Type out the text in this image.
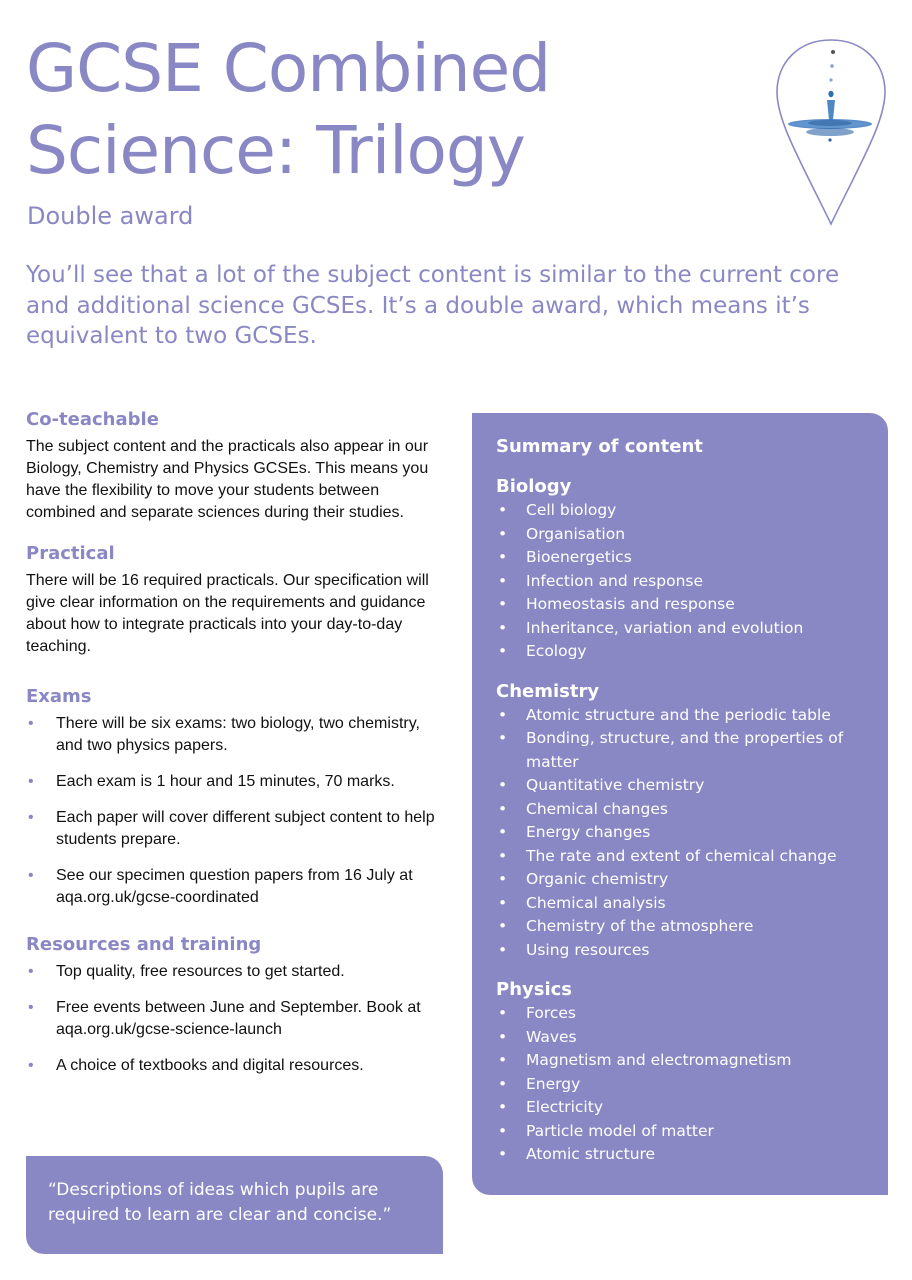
GCSE Combined
Science: Trilogy
Double award
You’ll see that a lot of the subject content is similar to the current core and additional science GCSEs. It’s a double award, which means it’s equivalent to two GCSEs.
Co-teachable

The subject content and the practicals also appear in our Biology, Chemistry and Physics GCSEs. This means you have the flexibility to move your students between combined and separate sciences during their studies.

Practical

There will be 16 required practicals. Our specification will give clear information on the requirements and guidance about how to integrate practicals into your day-to-day teaching.

Exams
• There will be six exams: two biology, two chemistry, and two physics papers.
• Each exam is 1 hour and 15 minutes, 70 marks.
• Each paper will cover different subject content to help students prepare.
• See our specimen question papers from 16 July at aqa.org.uk/gcse-coordinated
Resources and training
• Top quality, free resources to get started.
• Free events between June and September. Book at aqa.org.uk/gcse-science-launch
• A choice of textbooks and digital resources.
“Descriptions of ideas which pupils are required to learn are clear and concise.”
Summary of content
Biology
• Cell biology
• Organisation
• Bioenergetics
• Infection and response
• Homeostasis and response
• Inheritance, variation and evolution
• Ecology
Chemistry
• Atomic structure and the periodic table
• Bonding, structure, and the properties of matter
• Quantitative chemistry
• Chemical changes
• Energy changes
• The rate and extent of chemical change
• Organic chemistry
• Chemical analysis
• Chemistry of the atmosphere
• Using resources
Physics
• Forces
• Waves
• Magnetism and electromagnetism
• Energy
• Electricity
• Particle model of matter
• Atomic structure
